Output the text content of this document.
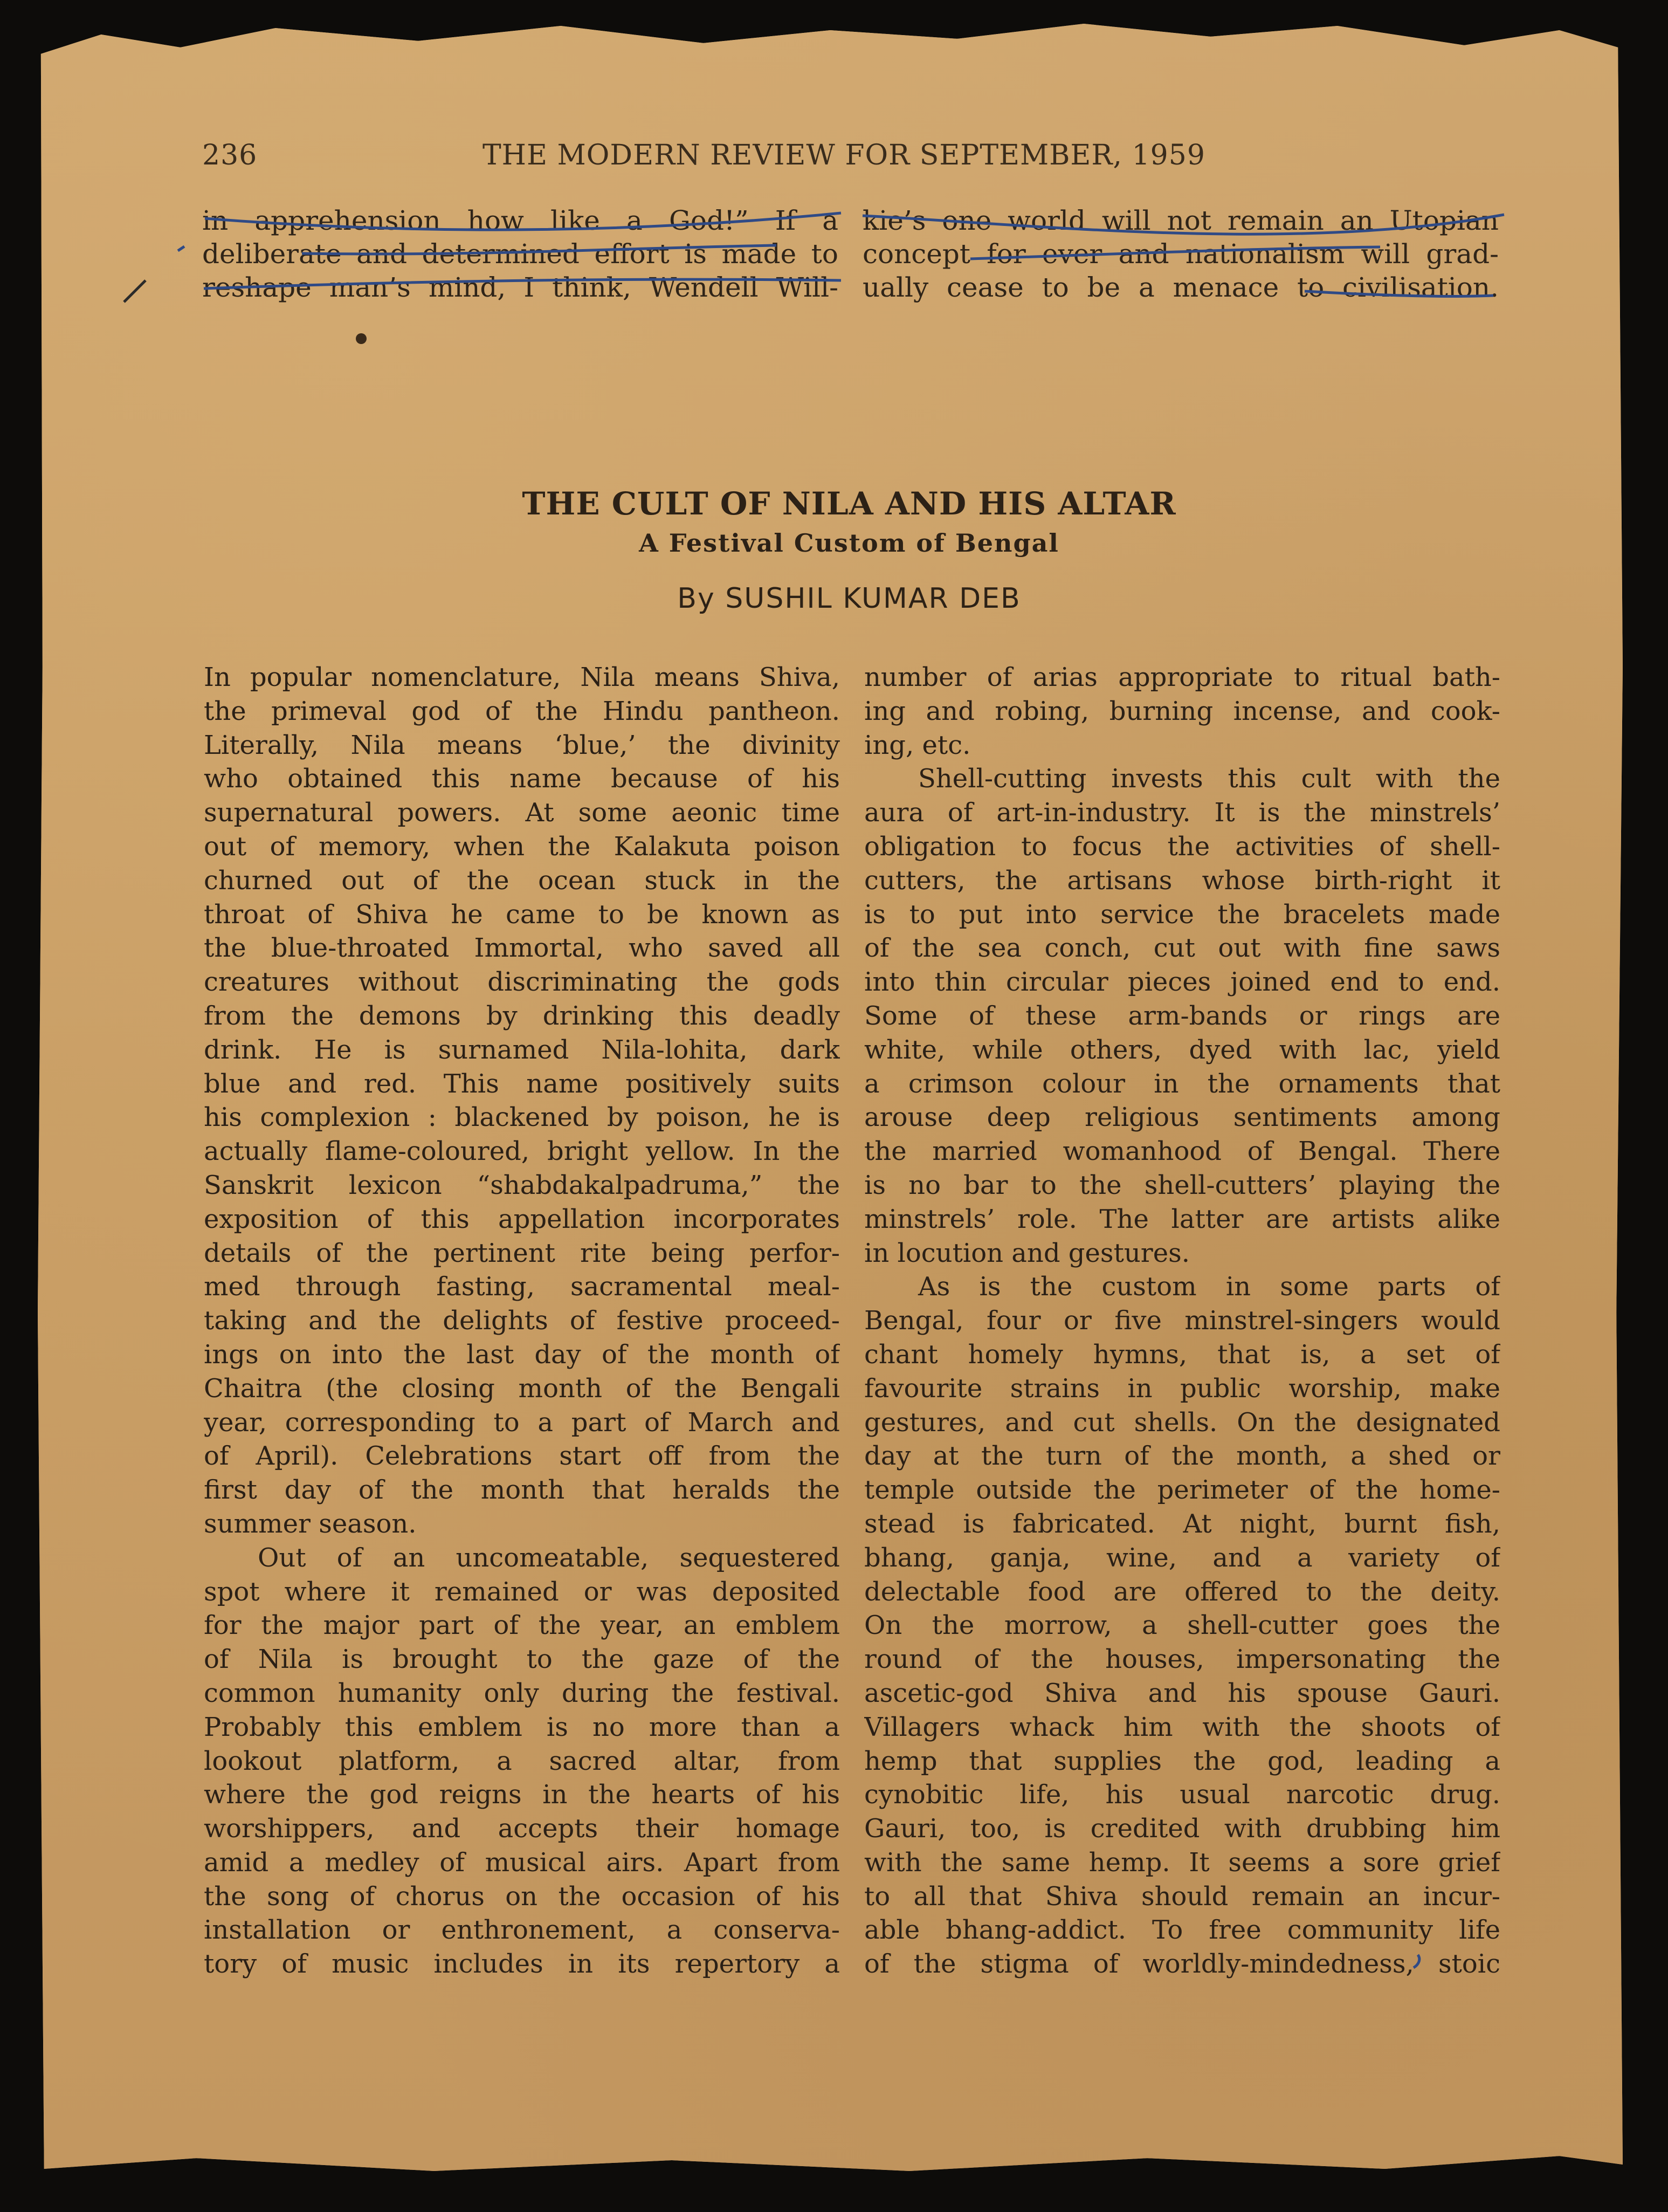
236	THE MODERN REVIEW FOR SEPTEMBER, 1959
in apprehension how like a God!” If a
deliberate and determined effort is made to
reshape man’s mind, I think, Wendell Will-
kie’s one world will not remain an Utopian
concept for ever and nationalism will grad-
ually cease to be a menace to civilisation.
THE CULT OF NILA AND HIS ALTAR
A Festival Custom of Bengal
By SUSHIL KUMAR DEB
In popular nomenclature, Nila means Shiva,
the primeval god of the Hindu pantheon.
Literally, Nila means ‘blue,’ the divinity
who obtained this name because of his
supernatural powers. At some aeonic time
out of memory, when the Kalakuta poison
churned out of the ocean stuck in the
throat of Shiva he came to be known as
the blue-throated Immortal, who saved all
creatures without discriminating the gods
from the demons by drinking this deadly
drink. He is surnamed Nila-lohita, dark
blue and red. This name positively suits
his complexion : blackened by poison, he is
actually flame-coloured, bright yellow. In the
Sanskrit lexicon “shabdakalpadruma,” the
exposition of this appellation incorporates
details of the pertinent rite being perfor-
med through fasting, sacramental meal-
taking and the delights of festive proceed-
ings on into the last day of the month of
Chaitra (the closing month of the Bengali
year, corresponding to a part of March and
of April). Celebrations start off from the
first day of the month that heralds the
summer season.
Out of an uncomeatable, sequestered
spot where it remained or was deposited
for the major part of the year, an emblem
of Nila is brought to the gaze of the
common humanity only during the festival.
Probably this emblem is no more than a
lookout platform, a sacred altar, from
where the god reigns in the hearts of his
worshippers, and accepts their homage
amid a medley of musical airs. Apart from
the song of chorus on the occasion of his
installation or enthronement, a conserva-
tory of music includes in its repertory a
number of arias appropriate to ritual bath-
ing and robing, burning incense, and cook-
ing, etc.
Shell-cutting invests this cult with the
aura of art-in-industry. It is the minstrels’
obligation to focus the activities of shell-
cutters, the artisans whose birth-right it
is to put into service the bracelets made
of the sea conch, cut out with fine saws
into thin circular pieces joined end to end.
Some of these arm-bands or rings are
white, while others, dyed with lac, yield
a crimson colour in the ornaments that
arouse deep religious sentiments among
the married womanhood of Bengal. There
is no bar to the shell-cutters’ playing the
minstrels’ role. The latter are artists alike
in locution and gestures.
As is the custom in some parts of
Bengal, four or five minstrel-singers would
chant homely hymns, that is, a set of
favourite strains in public worship, make
gestures, and cut shells. On the designated
day at the turn of the month, a shed or
temple outside the perimeter of the home-
stead is fabricated. At night, burnt fish,
bhang, ganja, wine, and a variety of
delectable food are offered to the deity.
On the morrow, a shell-cutter goes the
round of the houses, impersonating the
ascetic-god Shiva and his spouse Gauri.
Villagers whack him with the shoots of
hemp that supplies the god, leading a
cynobitic life, his usual narcotic drug.
Gauri, too, is credited with drubbing him
with the same hemp. It seems a sore grief
to all that Shiva should remain an incur-
able bhang-addict. To free community life
of the stigma of worldly-mindedness, stoic
